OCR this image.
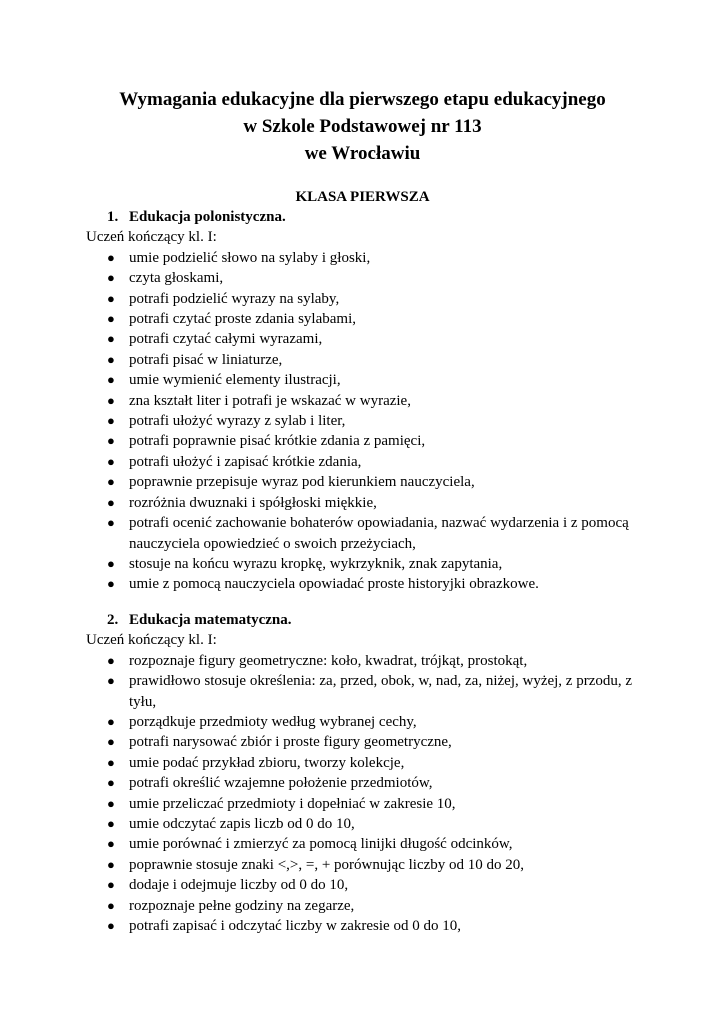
Wymagania edukacyjne dla pierwszego etapu edukacyjnego
w Szkole Podstawowej nr 113
we Wrocławiu
KLASA PIERWSZA
1. Edukacja polonistyczna.
Uczeń kończący kl. I:
● umie podzielić słowo na sylaby i głoski,
● czyta głoskami,
● potrafi podzielić wyrazy na sylaby,
● potrafi czytać proste zdania sylabami,
● potrafi czytać całymi wyrazami,
● potrafi pisać w liniaturze,
● umie wymienić elementy ilustracji,
● zna kształt liter i potrafi je wskazać w wyrazie,
● potrafi ułożyć wyrazy z sylab i liter,
● potrafi poprawnie pisać krótkie zdania z pamięci,
● potrafi ułożyć i zapisać krótkie zdania,
● poprawnie przepisuje wyraz pod kierunkiem nauczyciela,
● rozróżnia dwuznaki i spółgłoski miękkie,
● potrafi ocenić zachowanie bohaterów opowiadania, nazwać wydarzenia i z pomocą nauczyciela opowiedzieć o swoich przeżyciach,
● stosuje na końcu wyrazu kropkę, wykrzyknik, znak zapytania,
● umie z pomocą nauczyciela opowiadać proste historyjki obrazkowe.
2. Edukacja matematyczna.
Uczeń kończący kl. I:
● rozpoznaje figury geometryczne: koło, kwadrat, trójkąt, prostokąt,
● prawidłowo stosuje określenia: za, przed, obok, w, nad, za, niżej, wyżej, z przodu, z tyłu,
● porządkuje przedmioty według wybranej cechy,
● potrafi narysować zbiór i proste figury geometryczne,
● umie podać przykład zbioru, tworzy kolekcje,
● potrafi określić wzajemne położenie przedmiotów,
● umie przeliczać przedmioty i dopełniać w zakresie 10,
● umie odczytać zapis liczb od 0 do 10,
● umie porównać i zmierzyć za pomocą linijki długość odcinków,
● poprawnie stosuje znaki <,>, =, + porównując liczby od 10 do 20,
● dodaje i odejmuje liczby od 0 do 10,
● rozpoznaje pełne godziny na zegarze,
● potrafi zapisać i odczytać liczby w zakresie od 0 do 10,
